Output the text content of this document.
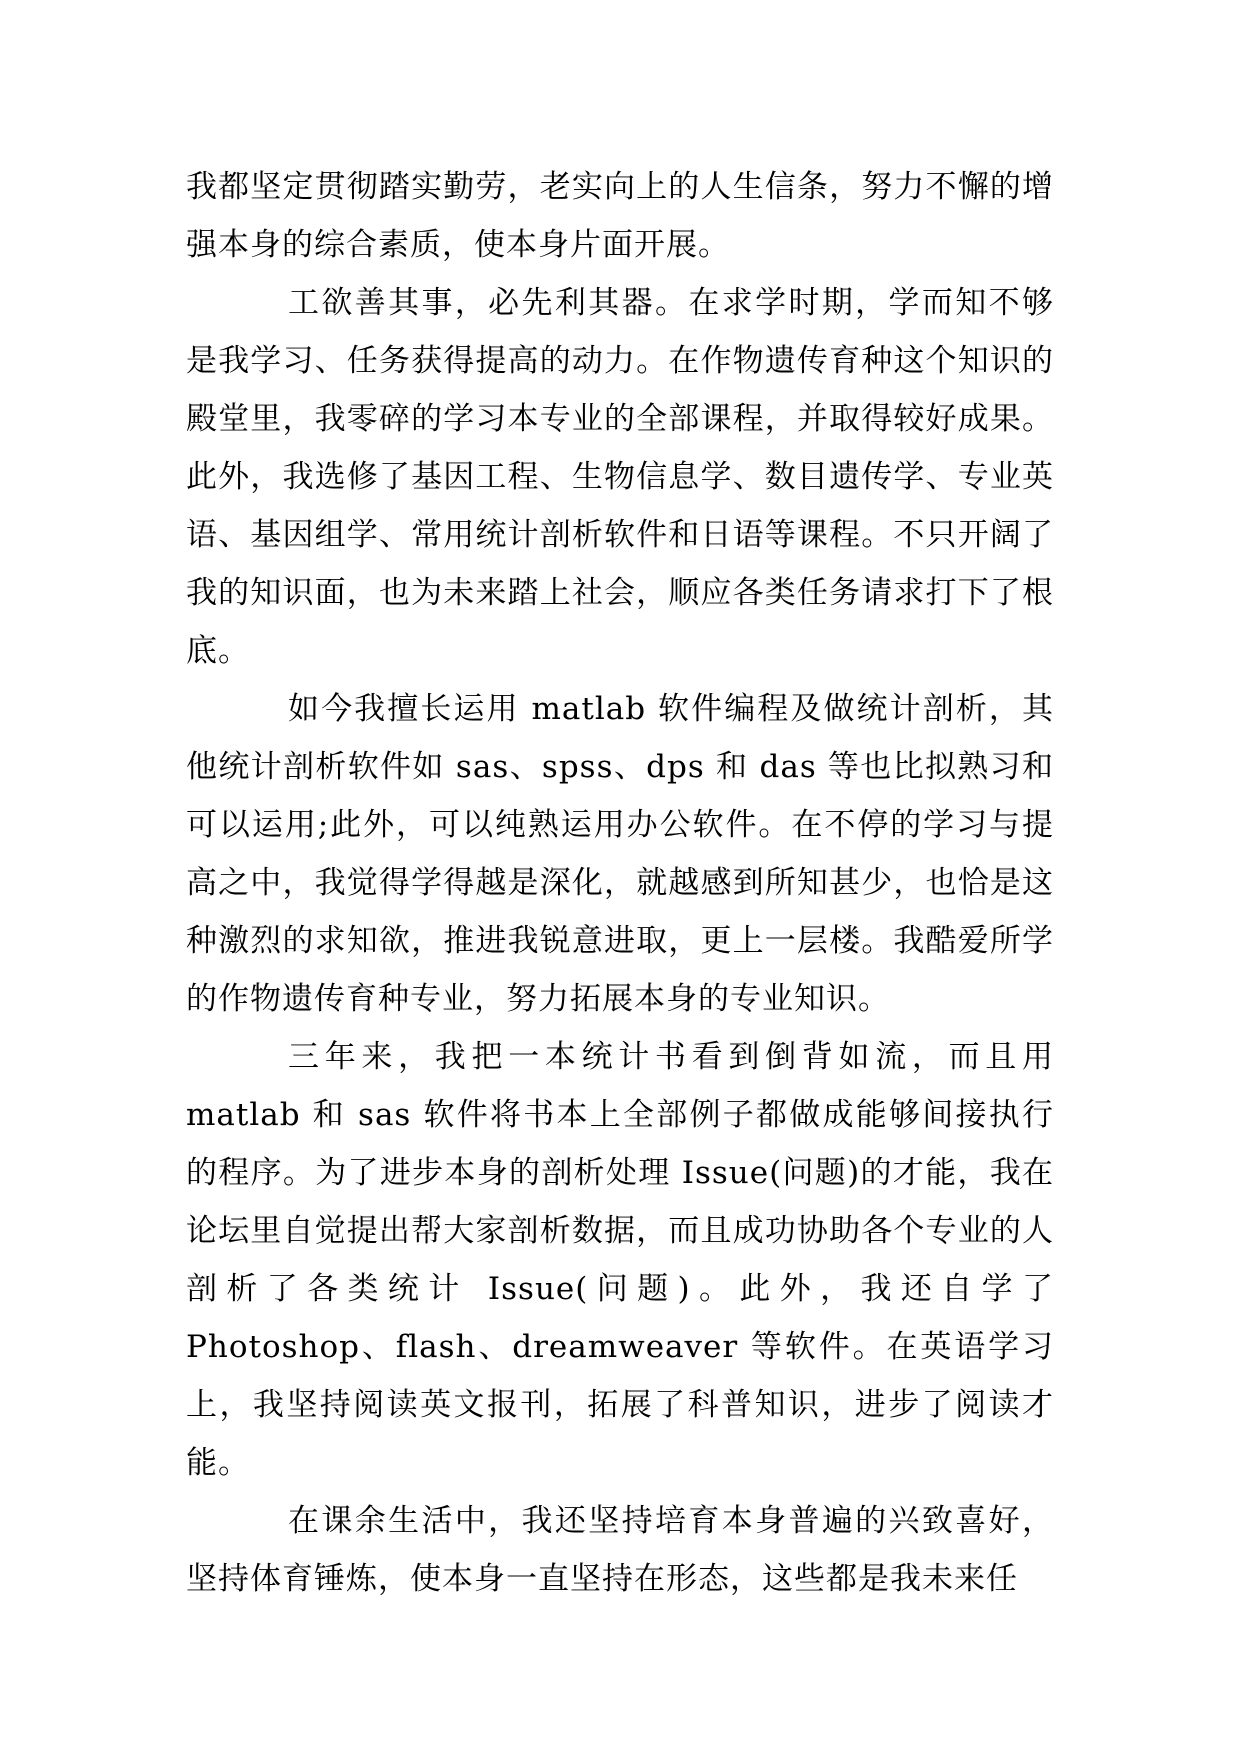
我都坚定贯彻踏实勤劳，老实向上的人生信条，努力不懈的增强本身的综合素质，使本身片面开展。

工欲善其事，必先利其器。在求学时期，学而知不够是我学习、任务获得提高的动力。在作物遗传育种这个知识的殿堂里，我零碎的学习本专业的全部课程，并取得较好成果。此外，我选修了基因工程、生物信息学、数目遗传学、专业英语、基因组学、常用统计剖析软件和日语等课程。不只开阔了我的知识面，也为未来踏上社会，顺应各类任务请求打下了根底。

如今我擅长运用 matlab 软件编程及做统计剖析，其他统计剖析软件如 sas、spss、dps 和 das 等也比拟熟习和可以运用;此外，可以纯熟运用办公软件。在不停的学习与提高之中，我觉得学得越是深化，就越感到所知甚少，也恰是这种激烈的求知欲，推进我锐意进取，更上一层楼。我酷爱所学的作物遗传育种专业，努力拓展本身的专业知识。

三年来，我把一本统计书看到倒背如流，而且用 matlab 和 sas 软件将书本上全部例子都做成能够间接执行的程序。为了进步本身的剖析处理 Issue(问题)的才能，我在论坛里自觉提出帮大家剖析数据，而且成功协助各个专业的人剖析了各类统计 Issue(问题)。此外，我还自学了 Photoshop、flash、dreamweaver 等软件。在英语学习上，我坚持阅读英文报刊，拓展了科普知识，进步了阅读才能。

在课余生活中，我还坚持培育本身普遍的兴致喜好，坚持体育锤炼，使本身一直坚持在形态，这些都是我未来任
